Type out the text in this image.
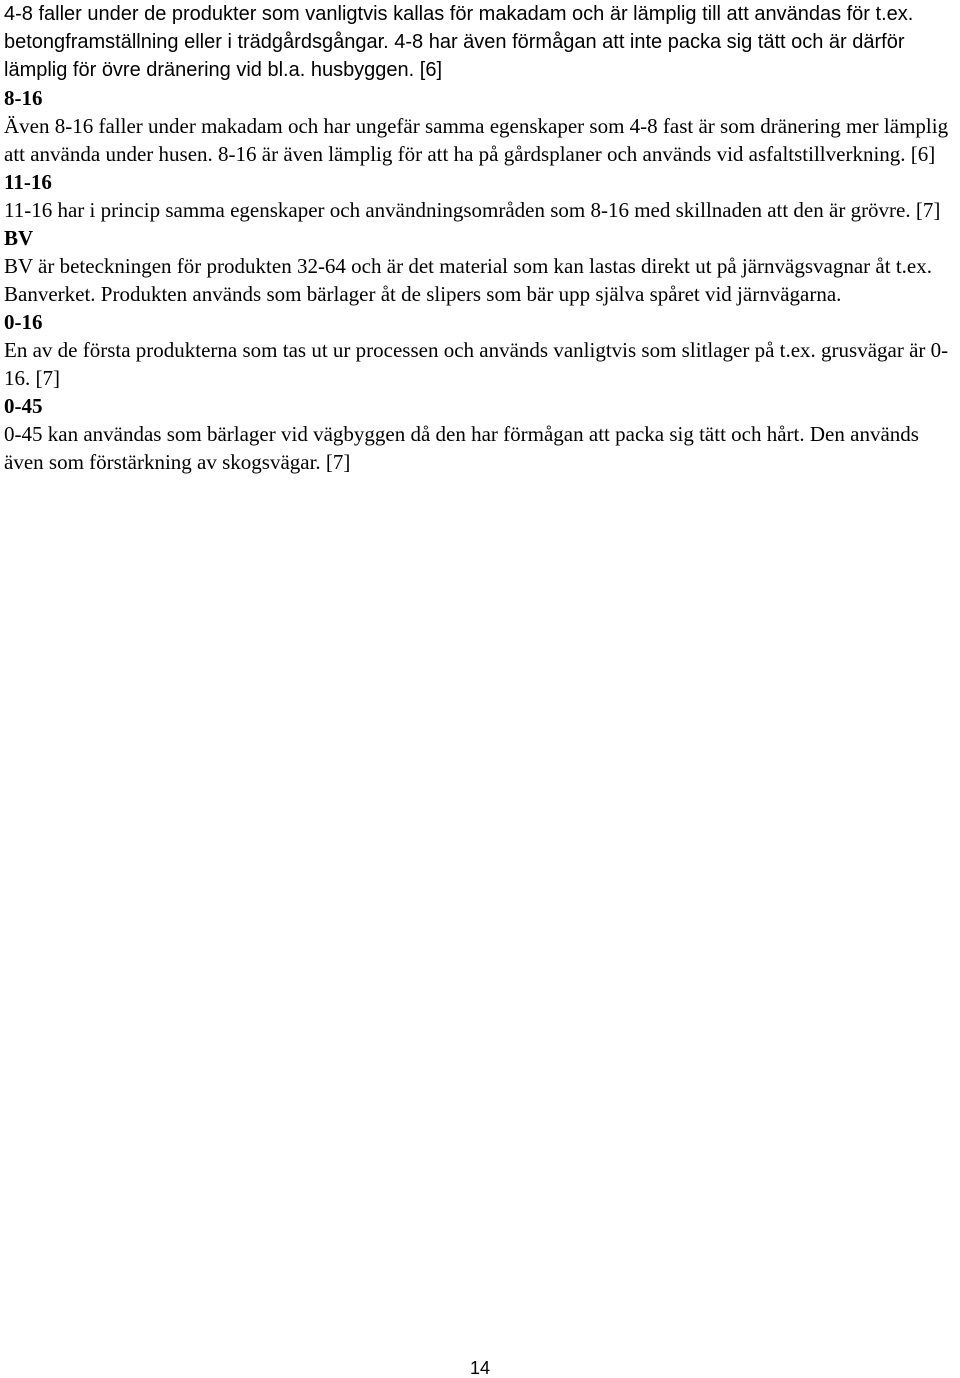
4-8 faller under de produkter som vanligtvis kallas för makadam och är lämplig till att användas för t.ex. betongframställning eller i trädgårdsgångar. 4-8 har även förmågan att inte packa sig tätt och är därför lämplig för övre dränering vid bl.a. husbyggen. [6]

8-16

Även 8-16 faller under makadam och har ungefär samma egenskaper som 4-8 fast är som dränering mer lämplig att använda under husen. 8-16 är även lämplig för att ha på gårdsplaner och används vid asfaltstillverkning. [6]

11-16

11-16 har i princip samma egenskaper och användningsområden som 8-16 med skillnaden att den är grövre. [7]

BV

BV är beteckningen för produkten 32-64 och är det material som kan lastas direkt ut på järnvägsvagnar åt t.ex. Banverket. Produkten används som bärlager åt de slipers som bär upp själva spåret vid järnvägarna.

0-16

En av de första produkterna som tas ut ur processen och används vanligtvis som slitlager på t.ex. grusvägar är 0-16. [7]

0-45

0-45 kan användas som bärlager vid vägbyggen då den har förmågan att packa sig tätt och hårt. Den används även som förstärkning av skogsvägar. [7]

14
